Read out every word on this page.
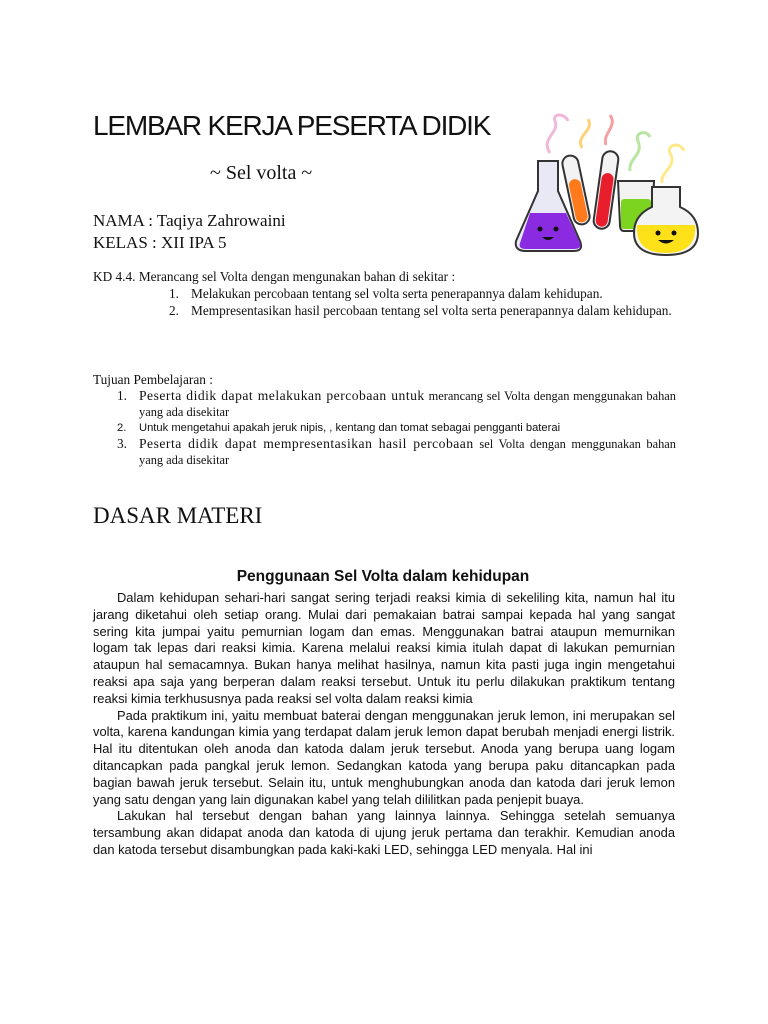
LEMBAR KERJA PESERTA DIDIK

~ Sel volta ~

NAMA : Taqiya Zahrowaini

KELAS : XII IPA 5

KD 4.4. Merancang sel Volta dengan mengunakan bahan di sekitar :
1. Melakukan percobaan tentang sel volta serta penerapannya dalam kehidupan.
2. Mempresentasikan hasil percobaan tentang sel volta serta penerapannya dalam kehidupan.
Tujuan Pembelajaran :
1. Peserta didik dapat melakukan percobaan untuk merancang sel Volta dengan menggunakan bahan yang ada disekitar
2. Untuk mengetahui apakah jeruk nipis, , kentang dan tomat sebagai pengganti baterai
3. Peserta didik dapat mempresentasikan hasil percobaan sel Volta dengan menggunakan bahan yang ada disekitar
DASAR MATERI
Penggunaan Sel Volta dalam kehidupan

Dalam kehidupan sehari-hari sangat sering terjadi reaksi kimia di sekeliling kita, namun hal itu jarang diketahui oleh setiap orang. Mulai dari pemakaian batrai sampai kepada hal yang sangat sering kita jumpai yaitu pemurnian logam dan emas. Menggunakan batrai ataupun memurnikan logam tak lepas dari reaksi kimia. Karena melalui reaksi kimia itulah dapat di lakukan pemurnian ataupun hal semacamnya. Bukan hanya melihat hasilnya, namun kita pasti juga ingin mengetahui reaksi apa saja yang berperan dalam reaksi tersebut. Untuk itu perlu dilakukan praktikum tentang reaksi kimia terkhususnya pada reaksi sel volta dalam reaksi kimia

Pada praktikum ini, yaitu membuat baterai dengan menggunakan jeruk lemon, ini merupakan sel volta, karena kandungan kimia yang terdapat dalam jeruk lemon dapat berubah menjadi energi listrik. Hal itu ditentukan oleh anoda dan katoda dalam jeruk tersebut. Anoda yang berupa uang logam ditancapkan pada pangkal jeruk lemon. Sedangkan katoda yang berupa paku ditancapkan pada bagian bawah jeruk tersebut. Selain itu, untuk menghubungkan anoda dan katoda dari jeruk lemon yang satu dengan yang lain digunakan kabel yang telah dililitkan pada penjepit buaya.

Lakukan hal tersebut dengan bahan yang lainnya lainnya. Sehingga setelah semuanya tersambung akan didapat anoda dan katoda di ujung jeruk pertama dan terakhir. Kemudian anoda dan katoda tersebut disambungkan pada kaki-kaki LED, sehingga LED menyala. Hal ini
